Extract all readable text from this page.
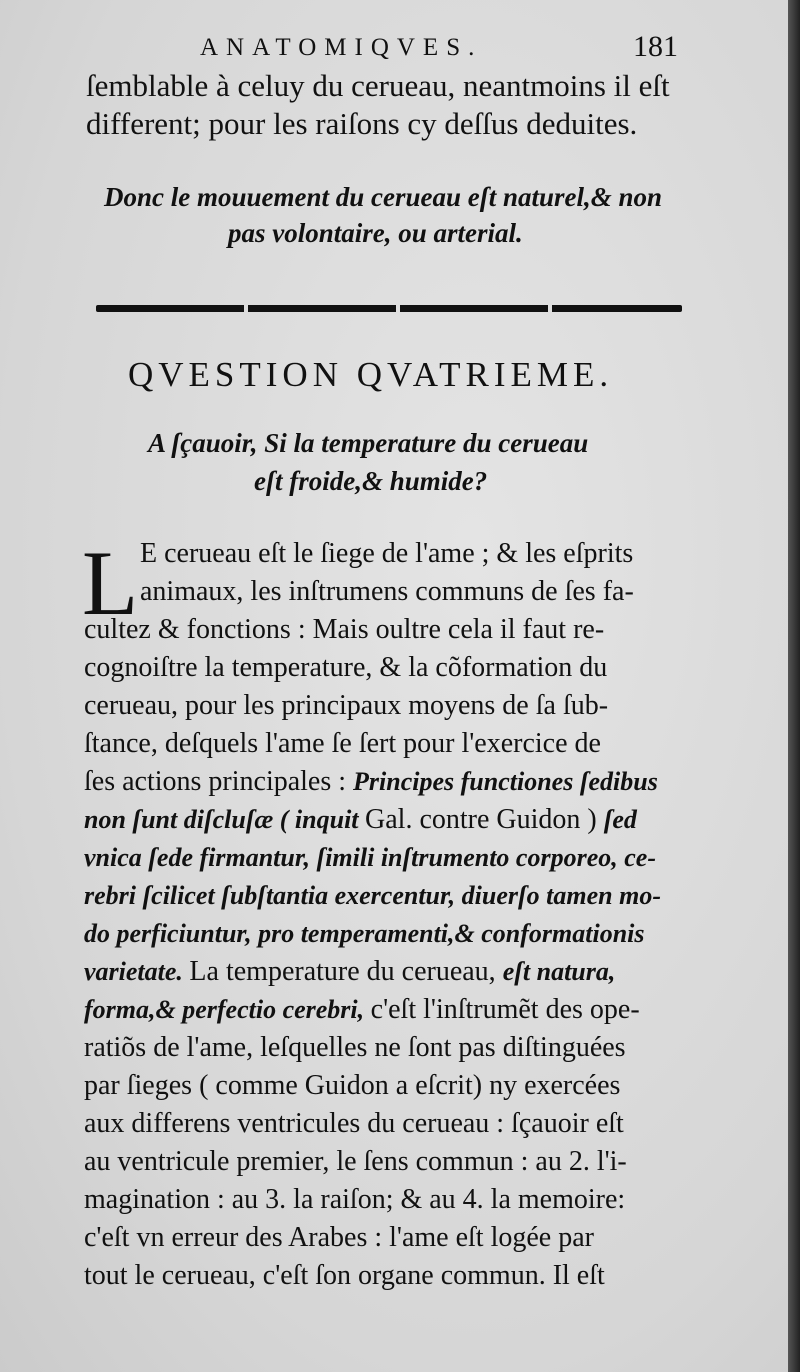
ANATOMIQVES.	181
ſemblable à celuy du cerueau, neantmoins il eſt
different; pour les raiſons cy deſſus deduites.
Donc le mouuement du cerueau eſt naturel,& non
pas volontaire, ou arterial.
QVESTION QVATRIEME.
A ſçauoir, Si la temperature du cerueau
eſt froide,& humide?
L E cerueau eſt le ſiege de l'ame ; & les eſprits
animaux, les inſtrumens communs de ſes fa-
cultez & fonctions : Mais oultre cela il faut re-
cognoiſtre la temperature, & la cõformation du
cerueau, pour les principaux moyens de ſa ſub-
ſtance, deſquels l'ame ſe ſert pour l'exercice de
ſes actions principales : Principes functiones ſedibus
non ſunt diſcluſæ ( inquit Gal. contre Guidon ) ſed
vnica ſede firmantur, ſimili inſtrumento corporeo, ce-
rebri ſcilicet ſubſtantia exercentur, diuerſo tamen mo-
do perficiuntur, pro temperamenti,& conformationis
varietate. La temperature du cerueau, eſt natura,
forma,& perfectio cerebri, c'eſt l'inſtrumẽt des ope-
ratiõs de l'ame, leſquelles ne ſont pas diſtinguées
par ſieges ( comme Guidon a eſcrit) ny exercées
aux differens ventricules du cerueau : ſçauoir eſt
au ventricule premier, le ſens commun : au 2. l'i-
magination : au 3. la raiſon; & au 4. la memoire:
c'eſt vn erreur des Arabes : l'ame eſt logée par
tout le cerueau, c'eſt ſon organe commun. Il eſt
